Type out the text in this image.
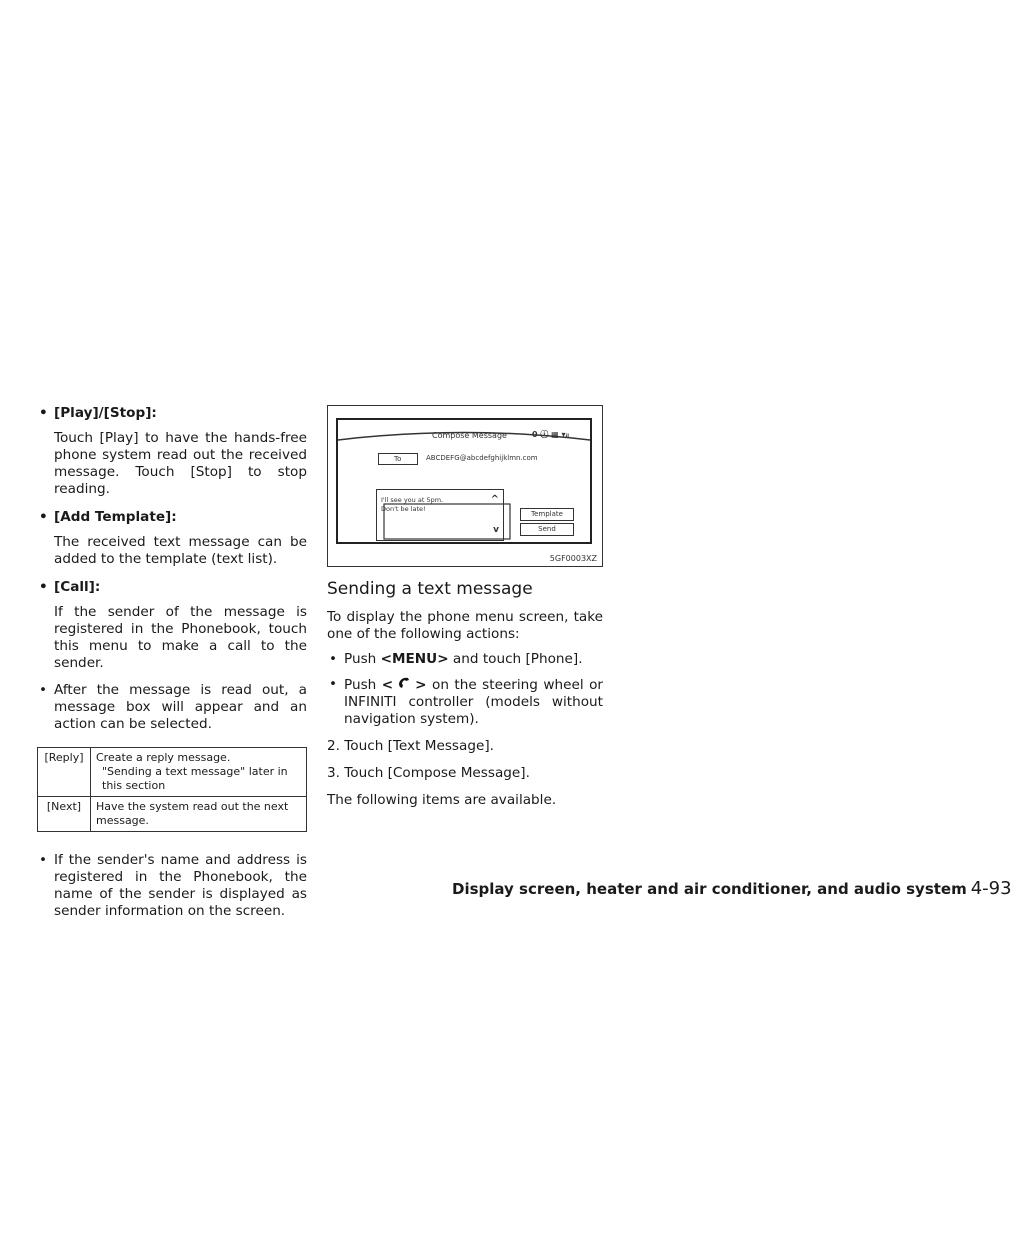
• [Play]/[Stop]:

Touch [Play] to have the hands-free phone system read out the received message. Touch [Stop] to stop reading.

• [Add Template]:

The received text message can be added to the template (text list).

• [Call]:

If the sender of the message is registered in the Phonebook, touch this menu to make a call to the sender.

• After the message is read out, a message box will appear and an action can be selected.

[Reply]	Create a reply message.
"Sending a text message" later in this section

[Next]	Have the system read out the next message.

• If the sender's name and address is registered in the Phonebook, the name of the sender is displayed as sender information on the screen.

Compose Message	0 ⓘ ▦ ▾ᵢₗ
To	ABCDEFG@abcdefghijklmn.com
I'll see you at 5pm.
Don't be late!
^
v
Template
Send
5GF0003XZ
Sending a text message

To display the phone menu screen, take one of the following actions:

• Push <MENU> and touch [Phone].

• Push < > on the steering wheel or INFINITI controller (models without navigation system).

2. Touch [Text Message].

3. Touch [Compose Message].

The following items are available.

Display screen, heater and air conditioner, and audio system 4-93
